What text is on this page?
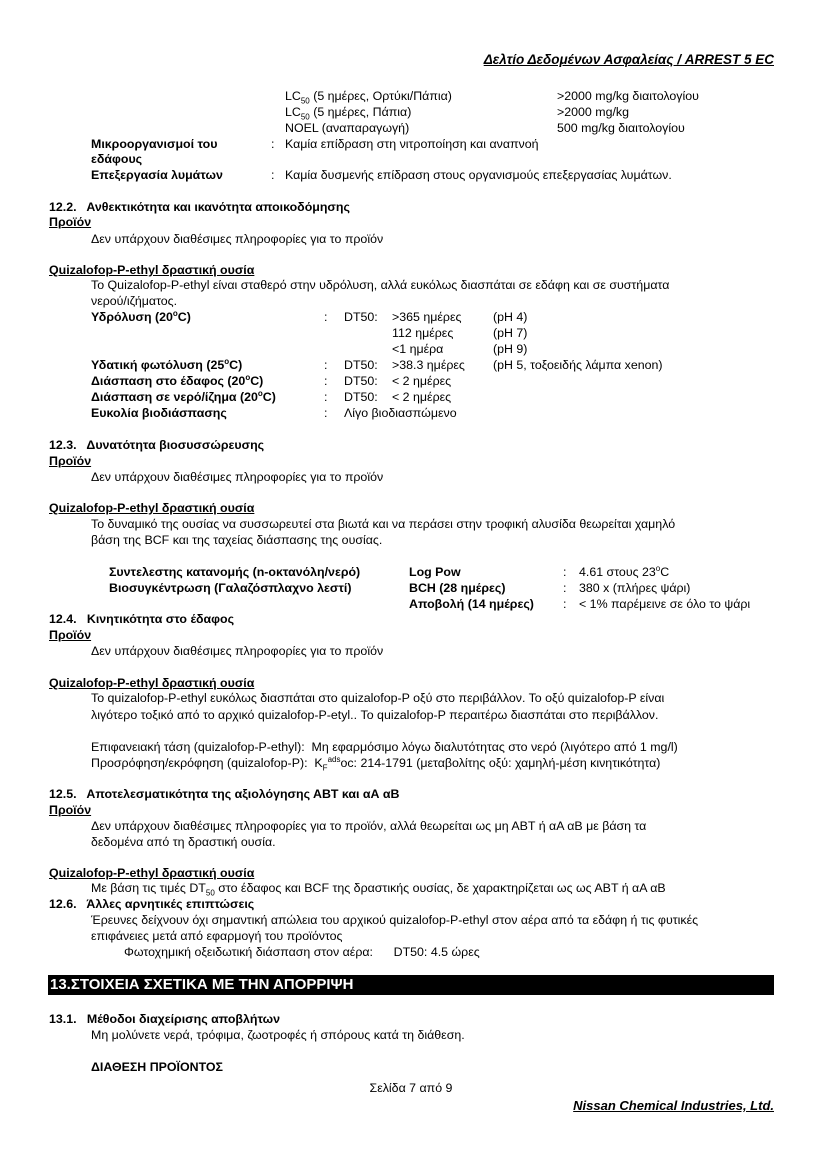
Δελτίο Δεδομένων Ασφαλείας / ARREST 5 EC
$LC_{50}$ (5 ημέρες, Ορτύκι/Πάπια)	>2000 mg/kg διαιτολογίου
$LC_{50}$ (5 ημέρες, Πάπια)	>2000 mg/kg
NOEL (αναπαραγωγή)	500 mg/kg διαιτολογίου
Μικροοργανισμοί του
εδάφους
: Καμία επίδραση στη νιτροποίηση και αναπνοή
Επεξεργασία λυμάτων	: Καμία δυσμενής επίδραση στους οργανισμούς επεξεργασίας λυμάτων.
12.2.   Ανθεκτικότητα και ικανότητα αποικοδόμησης
Προϊόν
Δεν υπάρχουν διαθέσιμες πληροφορίες για το προϊόν
Quizalofop-P-ethyl δραστική ουσία
Το Quizalofop-P-ethyl είναι σταθερό στην υδρόλυση, αλλά ευκόλως διασπάται σε εδάφη και σε συστήματα
νερού/ιζήματος.
Υδρόλυση (20$^o$C)	: DT50: >365 ημέρες	(pH 4)
112 ημέρες	(pH 7)
<1 ημέρα	(pH 9)
Υδατική φωτόλυση (25$^o$C)	: DT50: >38.3 ημέρες (pH 5, τοξοειδής λάμπα xenon)
Διάσπαση στο έδαφος (20$^o$C)	: DT50: < 2 ημέρες
Διάσπαση σε νερό/ίζημα (20$^o$C)	: DT50: < 2 ημέρες
Ευκολία βιοδιάσπασης	: Λίγο βιοδιασπώμενο
12.3.   Δυνατότητα βιοσυσσώρευσης
Προϊόν
Δεν υπάρχουν διαθέσιμες πληροφορίες για το προϊόν
Quizalofop-P-ethyl δραστική ουσία
Το δυναμικό της ουσίας να συσσωρευτεί στα βιωτά και να περάσει στην τροφική αλυσίδα θεωρείται χαμηλό
βάση της BCF και της ταχείας διάσπασης της ουσίας.
Συντελεστης κατανομής (n-οκτανόλη/νερό)	Log Pow	: 4.61 στους 23$^o$C
Βιοσυγκέντρωση (Γαλαζόσπλαχνο λεστί)	BCH (28 ημέρες)	: 380 x (πλήρες ψάρι)
Αποβολή (14 ημέρες) : < 1% παρέμεινε σε όλο το ψάρι
12.4.   Κινητικότητα στο έδαφος
Προϊόν
Δεν υπάρχουν διαθέσιμες πληροφορίες για το προϊόν
Quizalofop-P-ethyl δραστική ουσία
Το quizalofop-P-ethyl ευκόλως διασπάται στο quizalofop-P οξύ στο περιβάλλον. Το οξύ quizalofop-P είναι
λιγότερο τοξικό από το αρχικό quizalofop-P-etyl.. Το quizalofop-P περαιτέρω διασπάται στο περιβάλλον.
Επιφανειακή τάση (quizalofop-P-ethyl):  Μη εφαρμόσιμο λόγω διαλυτότητας στο νερό (λιγότερο από 1 mg/l)
Προσρόφηση/εκρόφηση (quizalofop-P):  $K_F^{ads}oc$: 214-1791 (μεταβολίτης οξύ: χαμηλή-μέση κινητικότητα)
12.5.   Αποτελεσματικότητα της αξιολόγησης ΑΒΤ και αΑ αΒ
Προϊόν
Δεν υπάρχουν διαθέσιμες πληροφορίες για το προϊόν, αλλά θεωρείται ως μη ΑΒΤ ή αΑ αΒ με βάση τα
δεδομένα από τη δραστική ουσία.
Quizalofop-P-ethyl δραστική ουσία
Με βάση τις τιμές $DT_{50}$ στο έδαφος και BCF της δραστικής ουσίας, δε χαρακτηρίζεται ως ως ΑΒΤ ή αΑ αΒ
12.6.   Άλλες αρνητικές επιπτώσεις
Έρευνες δείχνουν όχι σημαντική απώλεια του αρχικού quizalofop-P-ethyl στον αέρα από τα εδάφη ή τις φυτικές
επιφάνειες μετά από εφαρμογή του προϊόντος
Φωτοχημική οξειδωτική διάσπαση στον αέρα:      DT50: 4.5 ώρες
13.ΣΤΟΙΧΕΙΑ ΣΧΕΤΙΚΑ ΜΕ ΤΗΝ ΑΠΟΡΡΙΨΗ
13.1.   Μέθοδοι διαχείρισης αποβλήτων
Μη μολύνετε νερά, τρόφιμα, ζωοτροφές ή σπόρους κατά τη διάθεση.
ΔΙΑΘΕΣΗ ΠΡΟΪΟΝΤΟΣ
Σελίδα 7 από 9
Nissan Chemical Industries, Ltd.
